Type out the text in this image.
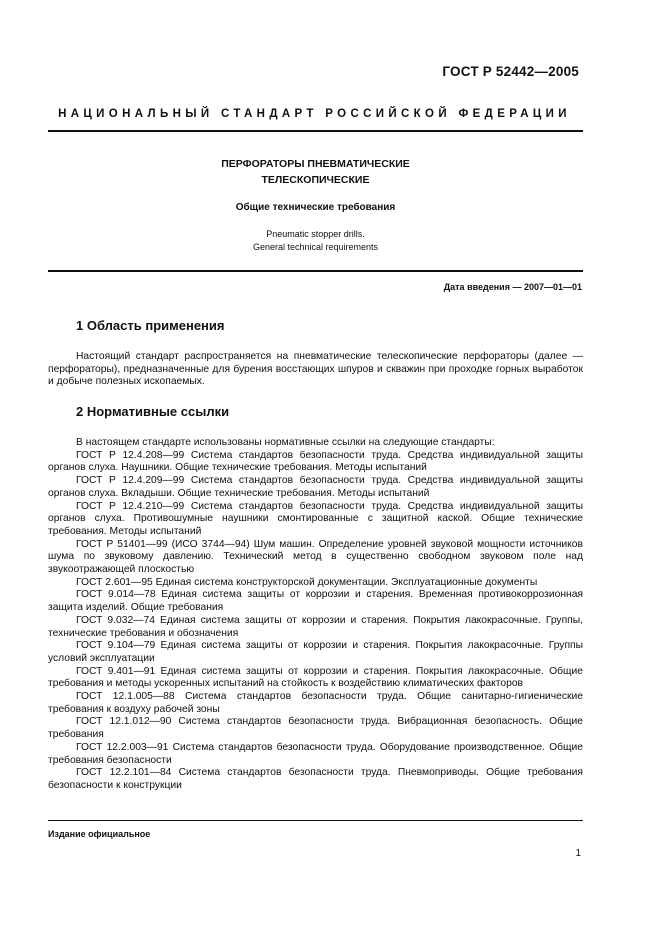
ГОСТ Р 52442—2005
НАЦИОНАЛЬНЫЙ СТАНДАРТ РОССИЙСКОЙ ФЕДЕРАЦИИ
ПЕРФОРАТОРЫ ПНЕВМАТИЧЕСКИЕ
ТЕЛЕСКОПИЧЕСКИЕ
Общие технические требования
Pneumatic stopper drills.
General technical requirements
Дата введения — 2007—01—01
1 Область применения

Настоящий стандарт распространяется на пневматические телескопические перфораторы (далее — перфораторы), предназначенные для бурения восстающих шпуров и скважин при проходке горных выработок и добыче полезных ископаемых.

2 Нормативные ссылки

В настоящем стандарте использованы нормативные ссылки на следующие стандарты:

ГОСТ Р 12.4.208—99 Система стандартов безопасности труда. Средства индивидуальной защиты органов слуха. Наушники. Общие технические требования. Методы испытаний
ГОСТ Р 12.4.209—99 Система стандартов безопасности труда. Средства индивидуальной защиты органов слуха. Вкладыши. Общие технические требования. Методы испытаний
ГОСТ Р 12.4.210—99 Система стандартов безопасности труда. Средства индивидуальной защиты органов слуха. Противошумные наушники смонтированные с защитной каской. Общие технические требования. Методы испытаний
ГОСТ Р 51401—99 (ИСО 3744—94) Шум машин. Определение уровней звуковой мощности источников шума по звуковому давлению. Технический метод в существенно свободном звуковом поле над звукоотражающей плоскостью
ГОСТ 2.601—95 Единая система конструкторской документации. Эксплуатационные документы
ГОСТ 9.014—78 Единая система защиты от коррозии и старения. Временная противокоррозионная защита изделий. Общие требования
ГОСТ 9.032—74 Единая система защиты от коррозии и старения. Покрытия лакокрасочные. Группы, технические требования и обозначения
ГОСТ 9.104—79 Единая система защиты от коррозии и старения. Покрытия лакокрасочные. Группы условий эксплуатации
ГОСТ 9.401—91 Единая система защиты от коррозии и старения. Покрытия лакокрасочные. Общие требования и методы ускоренных испытаний на стойкость к воздействию климатических факторов
ГОСТ 12.1.005—88 Система стандартов безопасности труда. Общие санитарно-гигиенические требования к воздуху рабочей зоны
ГОСТ 12.1.012—90 Система стандартов безопасности труда. Вибрационная безопасность. Общие требования
ГОСТ 12.2.003—91 Система стандартов безопасности труда. Оборудование производственное. Общие требования безопасности
ГОСТ 12.2.101—84 Система стандартов безопасности труда. Пневмоприводы. Общие требования безопасности к конструкции
Издание официальное
1
